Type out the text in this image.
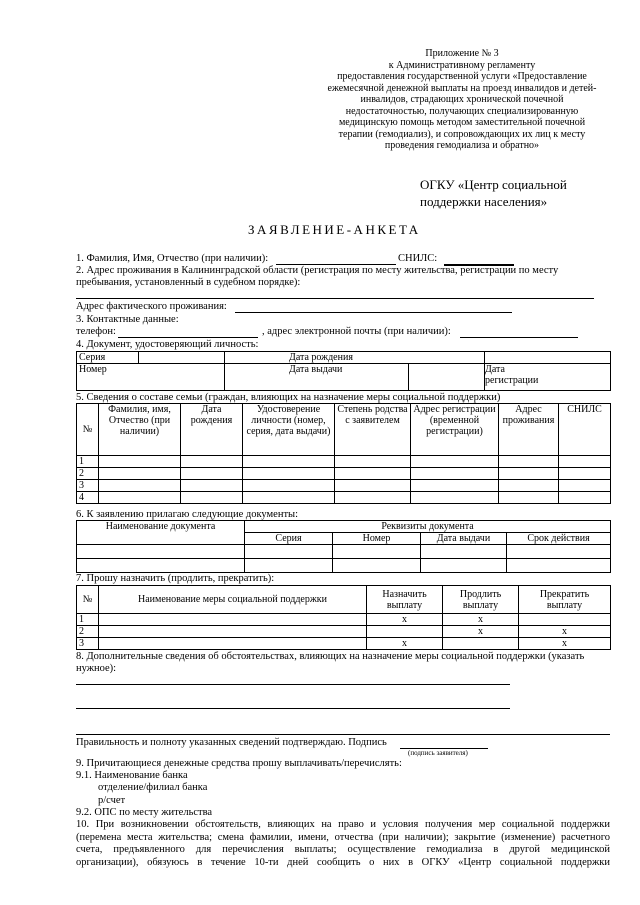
Приложение № 3
к Административному регламенту
предоставления государственной услуги «Предоставление
ежемесячной денежной выплаты на проезд инвалидов и детей-
инвалидов, страдающих хронической почечной
недостаточностью, получающих специализированную
медицинскую помощь методом заместительной почечной
терапии (гемодиализ), и сопровождающих их лиц к месту
проведения гемодиализа и обратно»
ОГКУ «Центр социальной
поддержки населения»
ЗАЯВЛЕНИЕ-АНКЕТА
1. Фамилия, Имя, Отчество (при наличии):	СНИЛС:
2. Адрес проживания в Калининградской области (регистрация по месту жительства, регистрации по месту
пребывания, установленный в судебном порядке):
Адрес фактического проживания:
3. Контактные данные:
телефон:	, адрес электронной почты (при наличии):
4. Документ, удостоверяющий личность:
Серия		Дата рождения	
Номер		Дата выдачи	Дата
регистрации
5. Сведения о составе семьи (граждан, влияющих на назначение меры социальной поддержки)
№	Фамилия, имя, Отчество (при наличии)	Дата рождения	Удостоверение личности (номер, серия, дата выдачи)	Степень родства с заявителем	Адрес регистрации (временной регистрации)	Адрес проживания	СНИЛС
1							
2							
3							
4							
6. К заявлению прилагаю следующие документы:
Наименование документа	Реквизиты документа			
	Серия	Номер	Дата выдачи	Срок действия

7. Прошу назначить (продлить, прекратить):
№	Наименование меры социальной поддержки	Назначить выплату	Продлить выплату	Прекратить выплату
1		х	х	
2			х	х
3		х		х
8. Дополнительные сведения об обстоятельствах, влияющих на назначение меры социальной поддержки (указать
нужное):
Правильность и полноту указанных сведений подтверждаю. Подпись
(подпись заявителя)
9. Причитающиеся денежные средства прошу выплачивать/перечислять:
9.1. Наименование банка
отделение/филиал банка
р/счет
9.2. ОПС по месту жительства
10. При возникновении обстоятельств, влияющих на право и условия получения мер социальной поддержки
(перемена места жительства; смена фамилии, имени, отчества (при наличии); закрытие (изменение) расчетного
счета, предъявленного для перечисления выплаты; осуществление гемодиализа в другой медицинской
организации), обязуюсь в течение 10-ти дней сообщить о них в ОГКУ «Центр социальной поддержки
